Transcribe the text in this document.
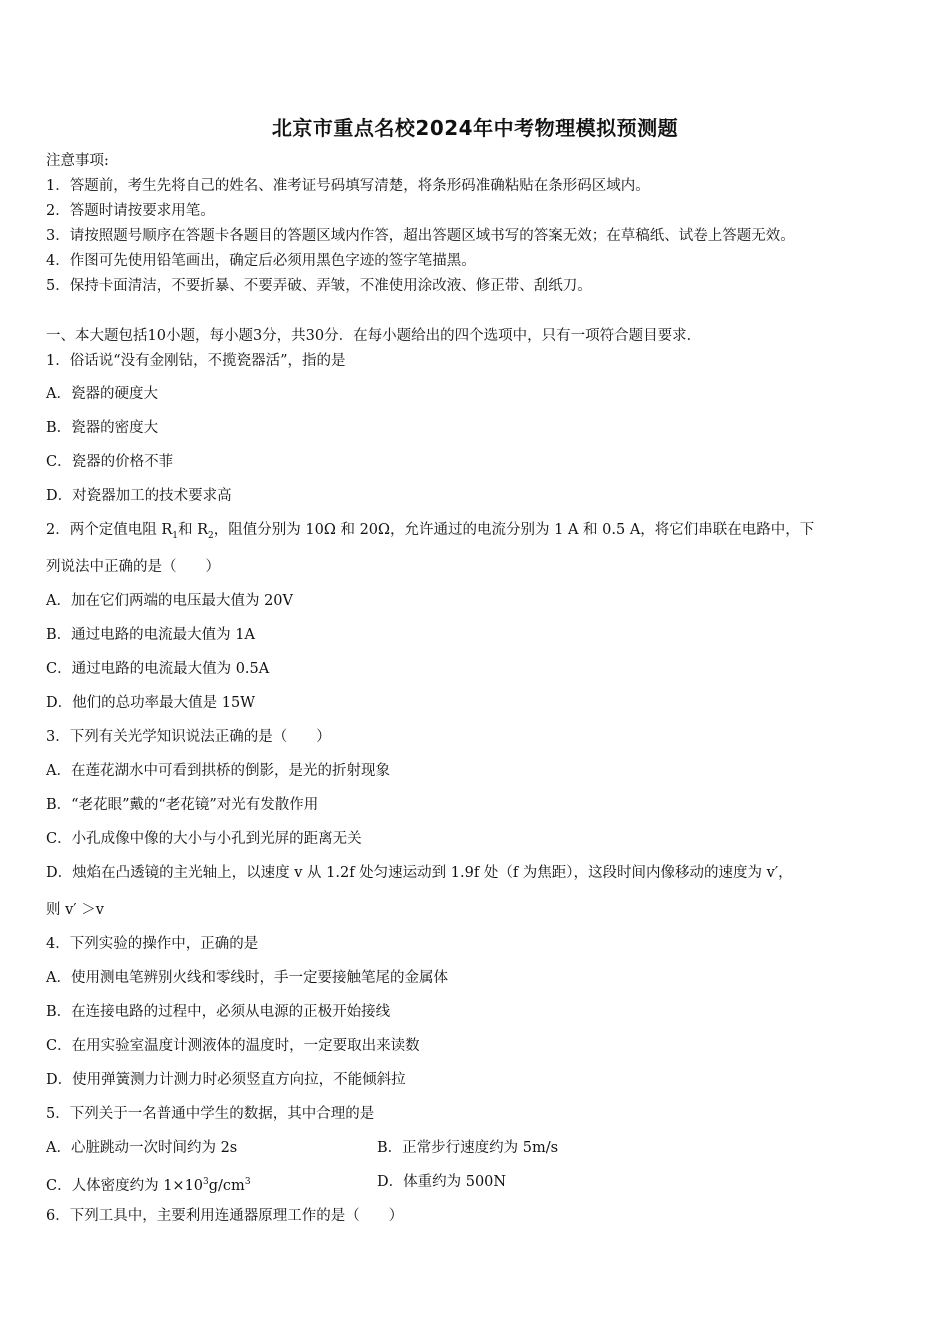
北京市重点名校2024年中考物理模拟预测题
注意事项:
1．答题前，考生先将自己的姓名、准考证号码填写清楚，将条形码准确粘贴在条形码区域内。
2．答题时请按要求用笔。
3．请按照题号顺序在答题卡各题目的答题区域内作答，超出答题区域书写的答案无效；在草稿纸、试卷上答题无效。
4．作图可先使用铅笔画出，确定后必须用黑色字迹的签字笔描黑。
5．保持卡面清洁，不要折暴、不要弄破、弄皱，不准使用涂改液、修正带、刮纸刀。
一、本大题包括10小题，每小题3分，共30分．在每小题给出的四个选项中，只有一项符合题目要求．
1．俗话说“没有金刚钻，不揽瓷器活”，指的是
A．瓷器的硬度大
B．瓷器的密度大
C．瓷器的价格不菲
D．对瓷器加工的技术要求高
2．两个定值电阻 $R_1$和 $R_2$，阻值分别为 10Ω 和 20Ω，允许通过的电流分别为 1 A 和 0.5 A，将它们串联在电路中，下
列说法中正确的是（　　）
A．加在它们两端的电压最大值为 20V
B．通过电路的电流最大值为 1A
C．通过电路的电流最大值为 0.5A
D．他们的总功率最大值是 15W
3．下列有关光学知识说法正确的是（　　）
A．在莲花湖水中可看到拱桥的倒影，是光的折射现象
B．“老花眼”戴的“老花镜”对光有发散作用
C．小孔成像中像的大小与小孔到光屏的距离无关
D．烛焰在凸透镜的主光轴上，以速度 v 从 1.2f 处匀速运动到 1.9f 处（f 为焦距），这段时间内像移动的速度为 v′，
则 v′ ＞v
4．下列实验的操作中，正确的是
A．使用测电笔辨别火线和零线时，手一定要接触笔尾的金属体
B．在连接电路的过程中，必须从电源的正极开始接线
C．在用实验室温度计测液体的温度时，一定要取出来读数
D．使用弹簧测力计测力时必须竖直方向拉，不能倾斜拉
5．下列关于一名普通中学生的数据，其中合理的是
A．心脏跳动一次时间约为 2s	B．正常步行速度约为 5m/s
C．人体密度约为 $1\times 10^3g/cm^3$	D．体重约为 500N
6．下列工具中，主要利用连通器原理工作的是（　　）
